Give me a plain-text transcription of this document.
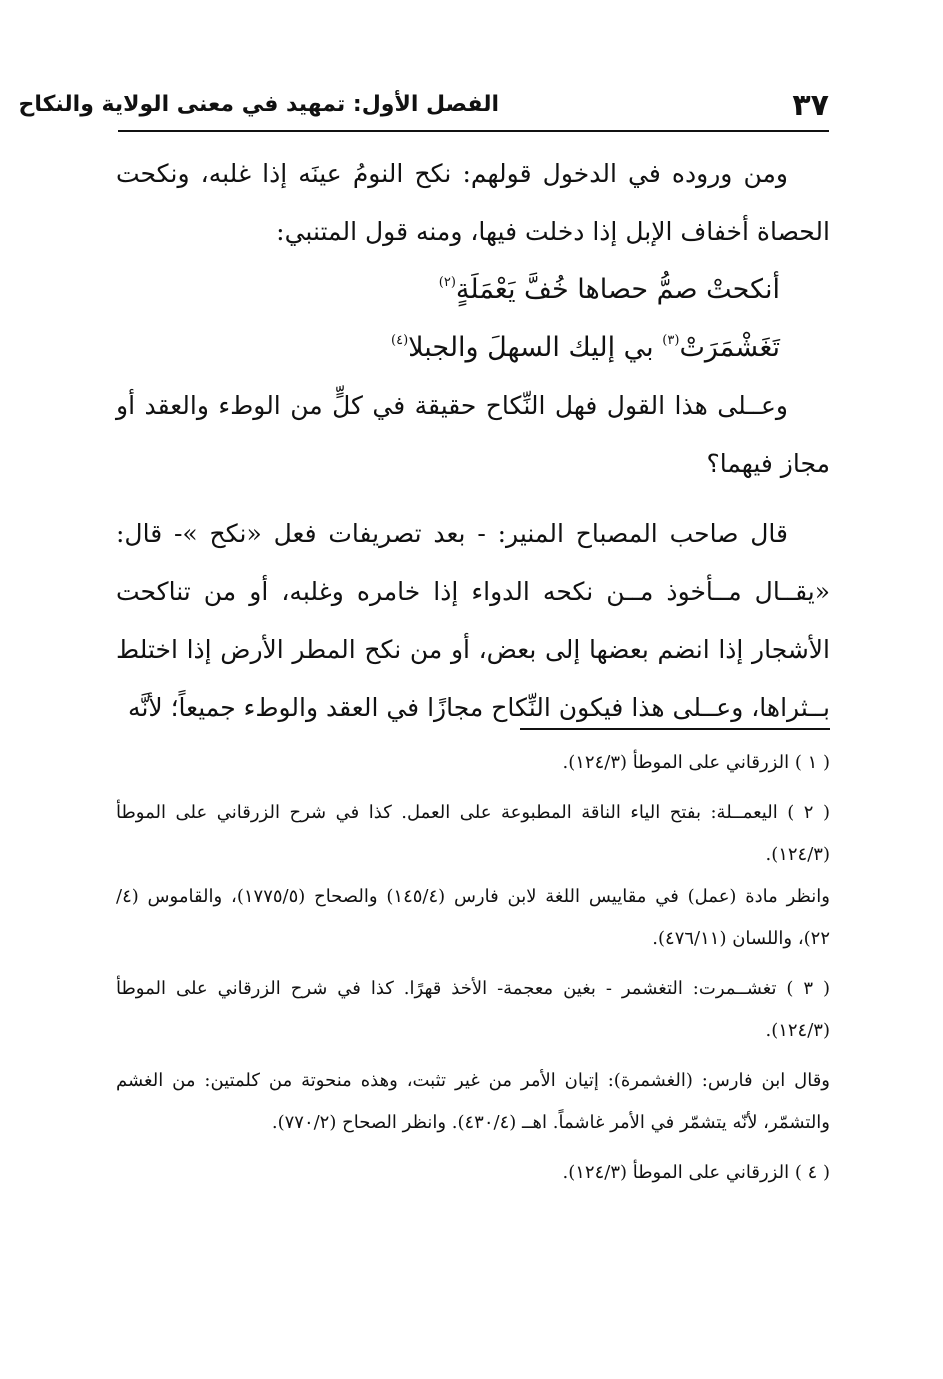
٣٧
الفصل الأول: تمهيد في معنى الولاية والنكاح

ومن وروده في الدخول قولهم: نكح النومُ عينَه إذا غلبه، ونكحت الحصاة أخفاف الإبل إذا دخلت فيها، ومنه قول المتنبي:

أنكحتْ صمُّ حصاها خُفَّ يَعْمَلَةٍ$^{(٢)}$

تَغَشْمَرَتْ$^{(٣)}$ بي إليك السهلَ والجبلا$^{(٤)}$

وعــلى هذا القول فهل النِّكاح حقيقة في كلٍّ من الوطء والعقد أو مجاز فيهما؟

قال صاحب المصباح المنير: - بعد تصريفات فعل «نكح »- قال: «يقــال مــأخوذ مــن نكحه الدواء إذا خامره وغلبه، أو من تناكحت الأشجار إذا انضم بعضها إلى بعض، أو من نكح المطر الأرض إذا اختلط بــثراها، وعــلى هذا فيكون النِّكاح مجازًا في العقد والوطء جميعاً؛ لأنَّه

( ١ ) الزرقاني على الموطأ (١٢٤/٣).

( ٢ ) اليعمــلة: بفتح الياء الناقة المطبوعة على العمل. كذا في شرح الزرقاني على الموطأ (١٢٤/٣).

وانظر مادة (عمل) في مقاييس اللغة لابن فارس (١٤٥/٤) والصحاح (١٧٧٥/٥)، والقاموس (٤/ ٢٢)، واللسان (٤٧٦/١١).

( ٣ ) تغشــمرت: التغشمر - بغين معجمة- الأخذ قهرًا. كذا في شرح الزرقاني على الموطأ (١٢٤/٣).

وقال ابن فارس: (الغشمرة): إتيان الأمر من غير تثبت، وهذه منحوتة من كلمتين: من الغشم والتشمّر، لأنّه يتشمّر في الأمر غاشماً. اهــ (٤٣٠/٤). وانظر الصحاح (٧٧٠/٢).

( ٤ ) الزرقاني على الموطأ (١٢٤/٣).
